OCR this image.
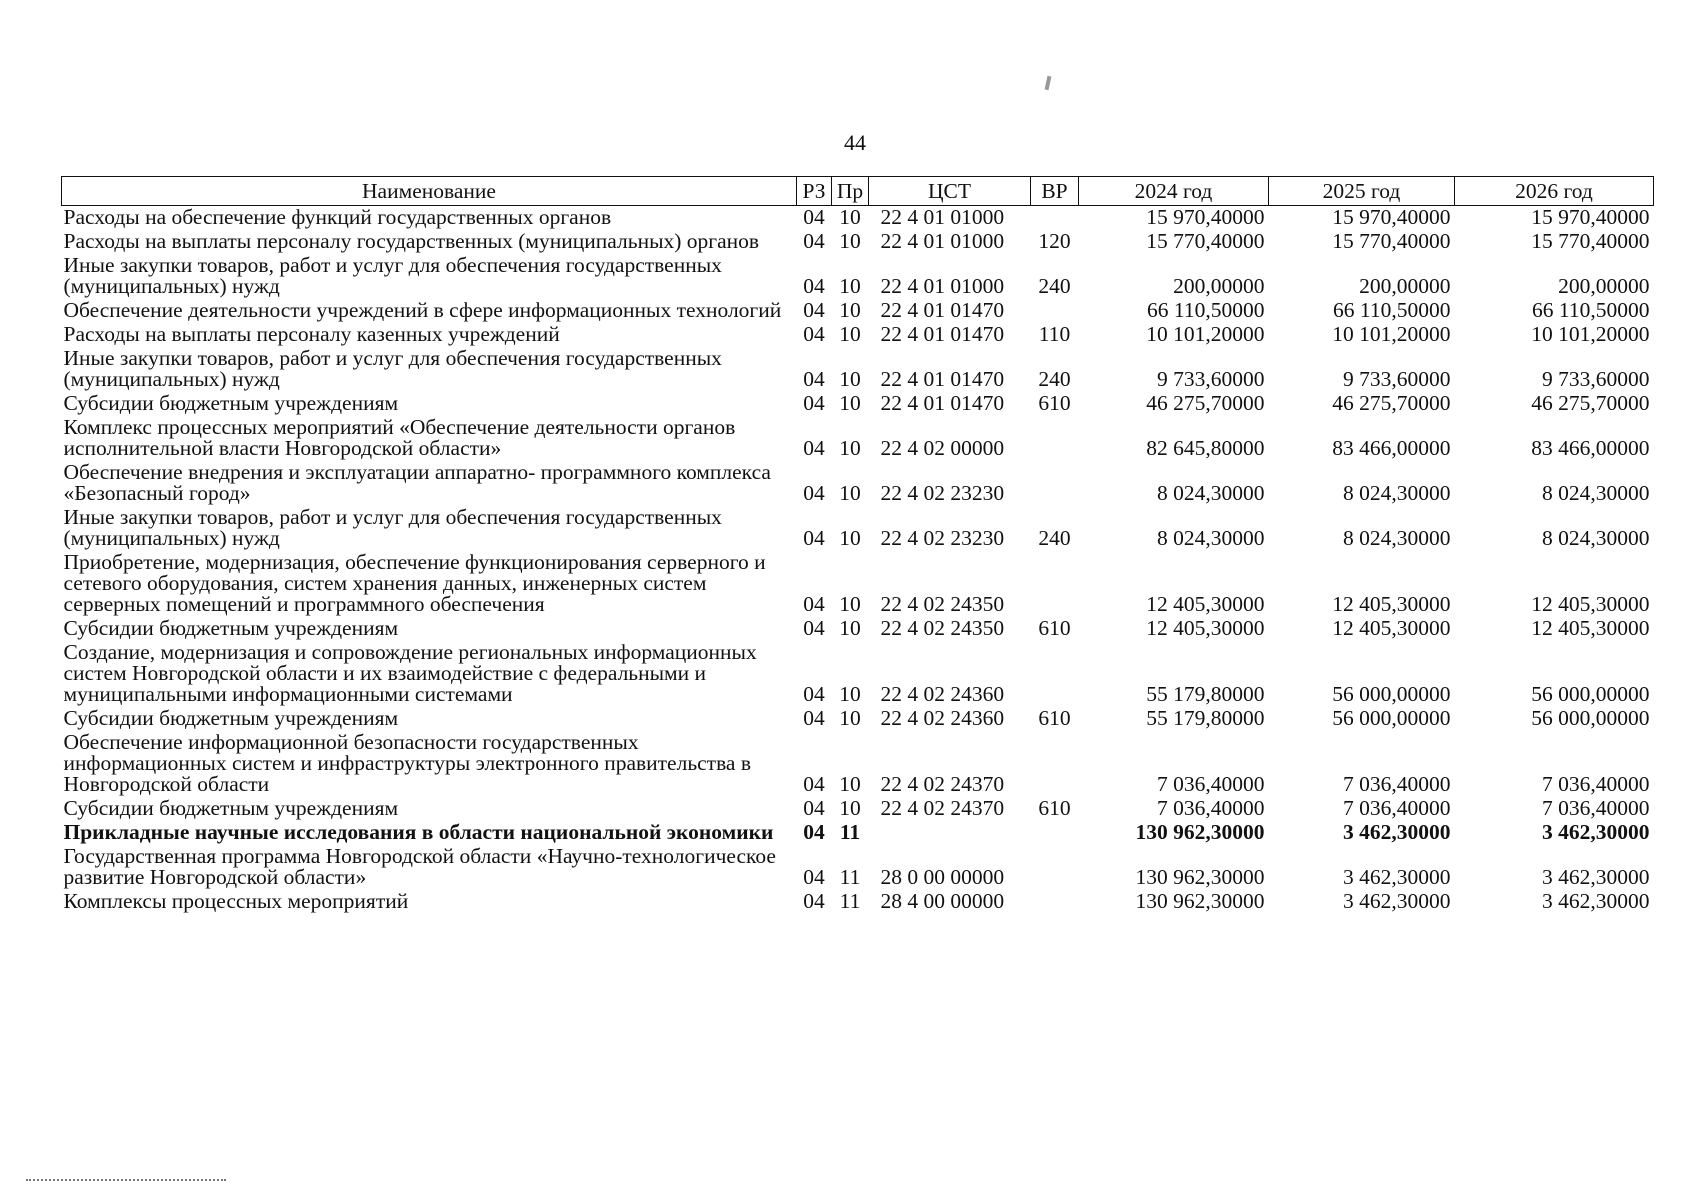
44
Наименование	РЗ	Пр	ЦСТ	ВР	2024 год	2025 год	2026 год
Расходы на обеспечение функций государственных органов	04	10	22 4 01 01000		15 970,40000	15 970,40000	15 970,40000
Расходы на выплаты персоналу государственных (муниципальных) органов	04	10	22 4 01 01000	120	15 770,40000	15 770,40000	15 770,40000
Иные закупки товаров, работ и услуг для обеспечения государственных (муниципальных) нужд	04	10	22 4 01 01000	240	200,00000	200,00000	200,00000
Обеспечение деятельности учреждений в сфере информационных технологий	04	10	22 4 01 01470		66 110,50000	66 110,50000	66 110,50000
Расходы на выплаты персоналу казенных учреждений	04	10	22 4 01 01470	110	10 101,20000	10 101,20000	10 101,20000
Иные закупки товаров, работ и услуг для обеспечения государственных (муниципальных) нужд	04	10	22 4 01 01470	240	9 733,60000	9 733,60000	9 733,60000
Субсидии бюджетным учреждениям	04	10	22 4 01 01470	610	46 275,70000	46 275,70000	46 275,70000
Комплекс процессных мероприятий «Обеспечение деятельности органов исполнительной власти Новгородской области»	04	10	22 4 02 00000		82 645,80000	83 466,00000	83 466,00000
Обеспечение внедрения и эксплуатации аппаратно- программного комплекса «Безопасный город»	04	10	22 4 02 23230		8 024,30000	8 024,30000	8 024,30000
Иные закупки товаров, работ и услуг для обеспечения государственных (муниципальных) нужд	04	10	22 4 02 23230	240	8 024,30000	8 024,30000	8 024,30000
Приобретение, модернизация, обеспечение функционирования серверного и сетевого оборудования, систем хранения данных, инженерных систем серверных помещений и программного обеспечения	04	10	22 4 02 24350		12 405,30000	12 405,30000	12 405,30000
Субсидии бюджетным учреждениям	04	10	22 4 02 24350	610	12 405,30000	12 405,30000	12 405,30000
Создание, модернизация и сопровождение региональных информационных систем Новгородской области и их взаимодействие с федеральными и муниципальными информационными системами	04	10	22 4 02 24360		55 179,80000	56 000,00000	56 000,00000
Субсидии бюджетным учреждениям	04	10	22 4 02 24360	610	55 179,80000	56 000,00000	56 000,00000
Обеспечение информационной безопасности государственных информационных систем и инфраструктуры электронного правительства в Новгородской области	04	10	22 4 02 24370		7 036,40000	7 036,40000	7 036,40000
Субсидии бюджетным учреждениям	04	10	22 4 02 24370	610	7 036,40000	7 036,40000	7 036,40000
Прикладные научные исследования в области национальной экономики	04	11			130 962,30000	3 462,30000	3 462,30000
Государственная программа Новгородской области «Научно-технологическое развитие Новгородской области»	04	11	28 0 00 00000		130 962,30000	3 462,30000	3 462,30000
Комплексы процессных мероприятий	04	11	28 4 00 00000		130 962,30000	3 462,30000	3 462,30000
